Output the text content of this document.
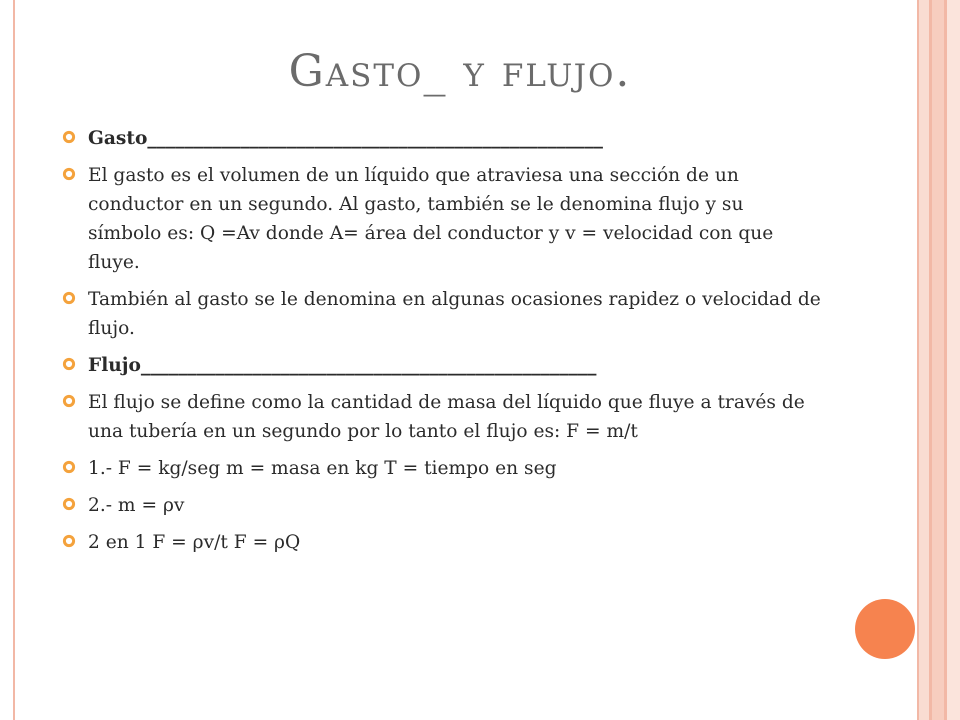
Gasto_ y flujo.
Gasto_________________________________________________
El gasto es el volumen de un líquido que atraviesa una sección de un conductor en un segundo. Al gasto, también se le denomina flujo y su símbolo es: Q =Av donde A= área del conductor y v = velocidad con que fluye.
También al gasto se le denomina en algunas ocasiones rapidez o velocidad de flujo.
Flujo_________________________________________________
El flujo se define como la cantidad de masa del líquido que fluye a través de una tubería en un segundo por lo tanto el flujo es: F = m/t
1.- F = kg/seg m = masa en kg T = tiempo en seg
2.- m = ρv
2 en 1 F = ρv/t F = ρQ
